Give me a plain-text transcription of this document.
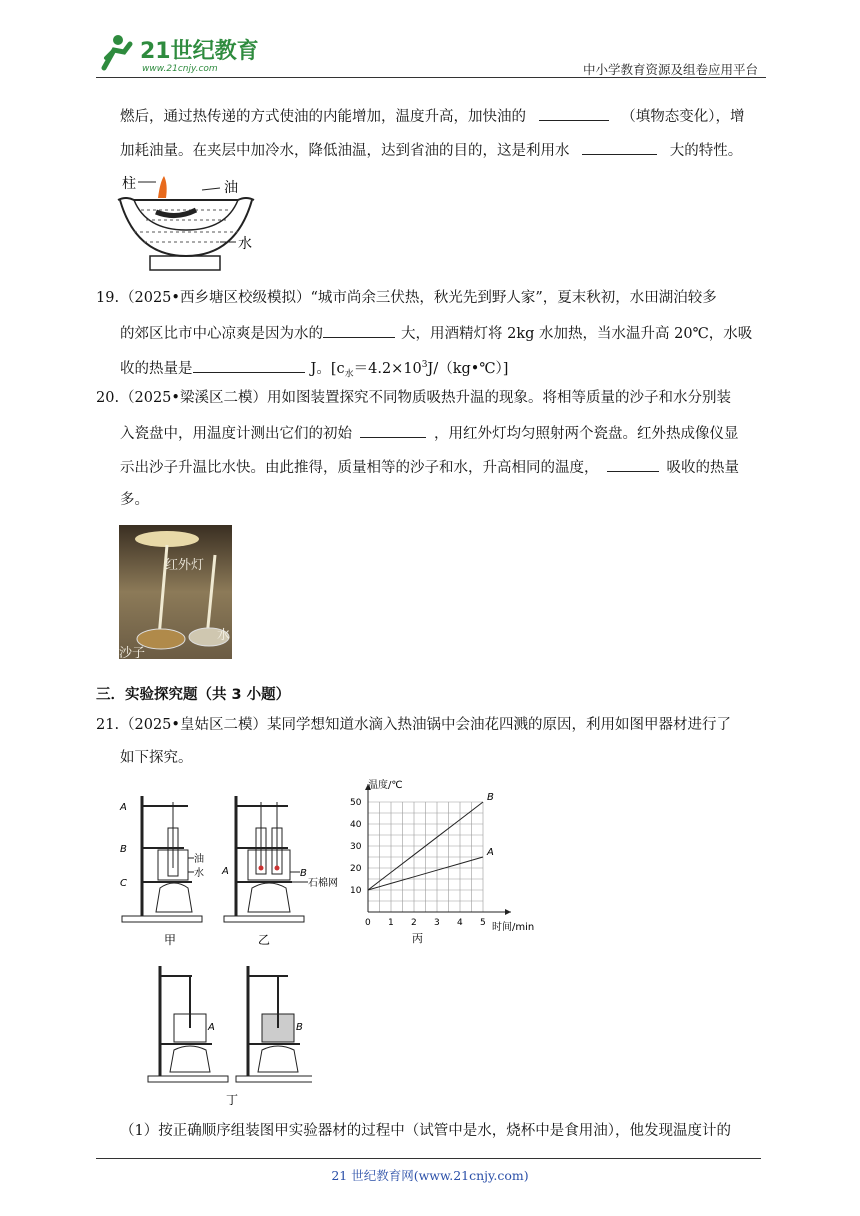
21世纪教育
www.21cnjy.com	中小学教育资源及组卷应用平台
燃后，通过热传递的方式使油的内能增加，温度升高，加快油的	（填物态变化），增
加耗油量。在夹层中加冷水，降低油温，达到省油的目的，这是利用水	大的特性。
柱	油
水
19. （2025•西乡塘区校级模拟）“城市尚余三伏热，秋光先到野人家”，夏末秋初，水田湖泊较多
的郊区比市中心凉爽是因为水的	大，用酒精灯将 2kg 水加热，当水温升高 20℃，水吸
收的热量是	J。$[c_水=4.2\times 10^3J/(kg•℃)]$
20. （2025•梁溪区二模）用如图装置探究不同物质吸热升温的现象。将相等质量的沙子和水分别装
入瓷盘中，用温度计测出它们的初始	，用红外灯均匀照射两个瓷盘。红外热成像仪显
示出沙子升温比水快。由此推得，质量相等的沙子和水，升高相同的温度，	吸收的热量
多。
红外灯
水
沙子
三．实验探究题（共 3 小题）
21. （2025•皇姑区二模）某同学想知道水滴入热油锅中会油花四溅的原因，利用如图甲器材进行了
如下探究。
A
B
C
油
水
甲
A	B
石棉网
乙
0 1 2 3 4 5
10
20
30
40
50
A
B
温度/℃
时间/min
丙
A	B
丁
（1）按正确顺序组装图甲实验器材的过程中（试管中是水，烧杯中是食用油），他发现温度计的
21 世纪教育网(www.21cnjy.com)
